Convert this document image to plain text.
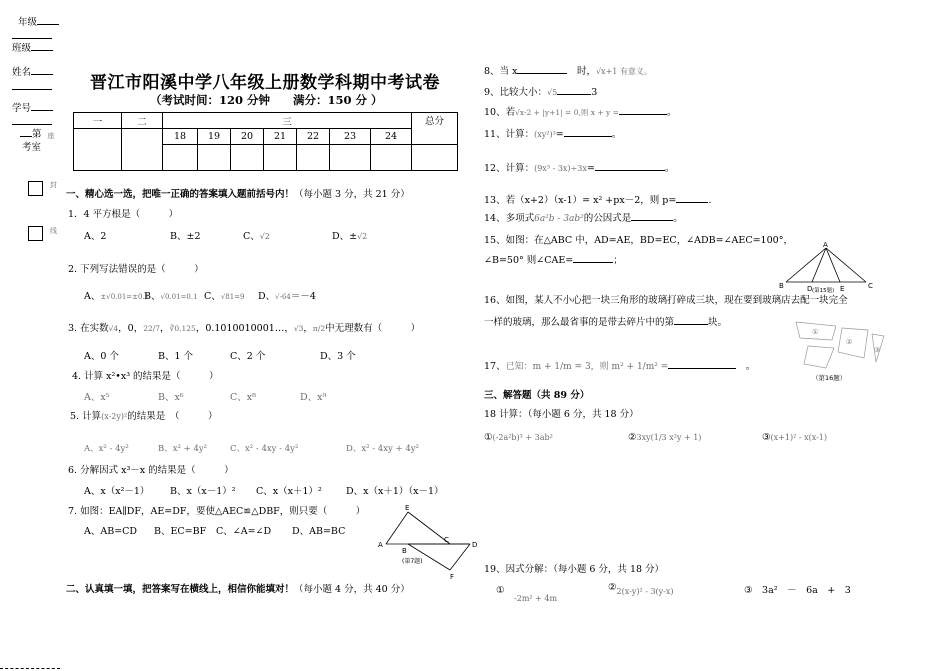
年级
班级
姓名
学号
第
考室
座
封
线
晋江市阳溪中学八年级上册数学科期中考试卷
（考试时间：120 分钟　　满分：150 分 ）
一	二	三							总分
		18	19	20	21	22	23	24	

一、精心选一选，把唯一正确的答案填入题前括号内！（每小题 3 分，共 21 分）
1．4 平方根是（　　　）
A、2	B、±2	C、√2	D、±√2
2. 下列写法错误的是（　　　）
A、±√0.01=±0.1
B、√0.01=0.1 C、√81=9 D、√-64＝－4
3. 在实数√4，0，22/7，∛0.125，0.1010010001…，√3，π/2中无理数有（　　　）
A、0 个	B、1 个	C、2 个	D、3 个
4. 计算 x²•x³ 的结果是（　　　）
A、x⁵	B、x⁶	C、x⁸	D、x⁹
5. 计算(x-2y)²的结果是　（　　　）
A、x² - 4y²	B、x² + 4y²	C、x² - 4xy - 4y²	D、x² - 4xy + 4y²
6. 分解因式 x³－x 的结果是（　　　）
A、x（x²－1） B、x（x－1）² C、x（x＋1）²	D、x（x＋1）（x－1）
7. 如图：EA∥DF，AE=DF，要使△AEC≌△DBF，则只要（　　　）
A、AB=CD B、EC=BF C、∠A=∠D D、AB=BC
E
A
B
C
D
F
(第7题)
二、认真填一填，把答案写在横线上，相信你能填对！（每小题 4 分，共 40 分）
8、当 x　	时，√x+1 有意义。
9、比较大小：√5	3
10、若√x-2 + |y+1| = 0,则 x + y =	。
11、计算：(xy²)³=	。
12、计算：(9x³ - 3x)÷3x=	。
13、若（x+2）（x-1）= x² +px－2，则 p=	.
14、多项式6a²b - 3ab²的公因式是	。
15、如图：在△ABC 中，AD=AE，BD=EC，∠ADB=∠AEC=100°，
∠B=50° 则∠CAE=	；
A
B	C
D	E
(第15题)
16、如图，某人不小心把一块三角形的玻璃打碎成三块，现在要到玻璃店去配一块完全
一样的玻璃，那么最省事的是带去碎片中的第	块。
①
②
③
（第16题）
17、已知：m + 1/m = 3，则 m² + 1/m² =　	。
三、解答题（共 89 分）
18 计算：（每小题 6 分，共 18 分）
①(-2a²b)³ + 3ab²	②3xy(1/3 x²y + 1)	③(x+1)² - x(x-1)
19、因式分解：（每小题 6 分，共 18 分）
①　$_{-2m^2 + 4m}$
$②_{2(x-y)^2 - 3(y-x)}$	③　 3a²　－　6a　+　3
